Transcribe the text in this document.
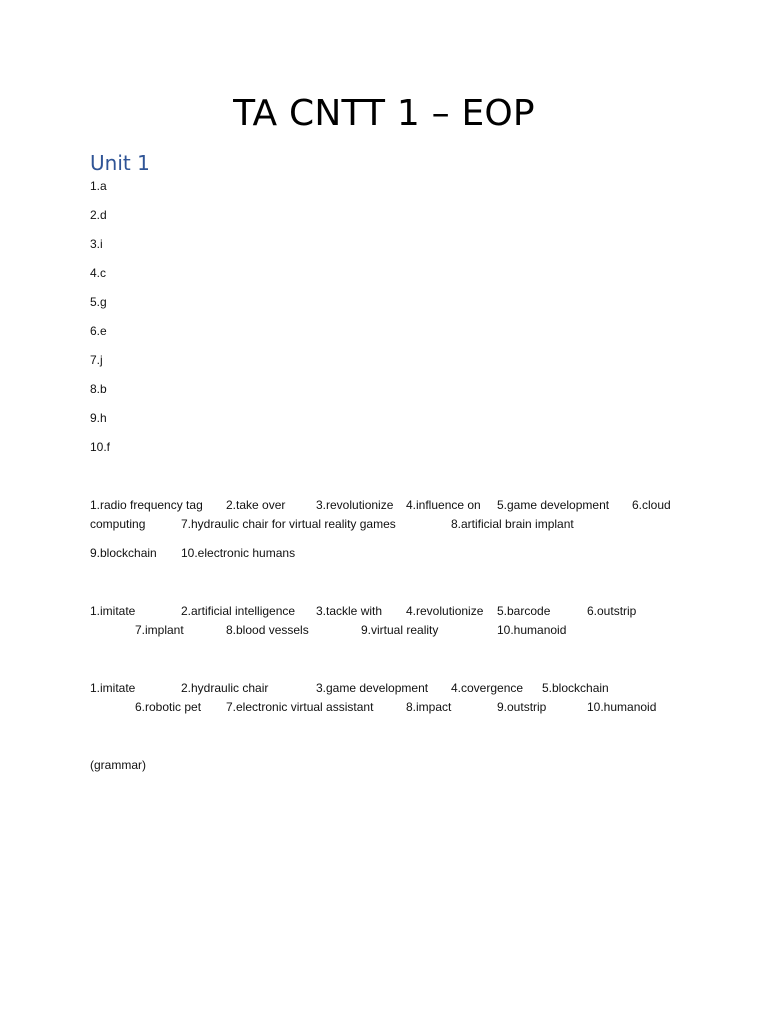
TA CNTT 1 – EOP
Unit 1
1.a
2.d
3.i
4.c
5.g
6.e
7.j
8.b
9.h
10.f
1.radio frequency tag 2.take over	3.revolutionize 4.influence on 5.game development 6.cloud
computing	7.hydraulic chair for virtual reality games	8.artificial brain implant
9.blockchain 10.electronic humans
1.imitate	2.artificial intelligence 3.tackle with 4.revolutionize 5.barcode	6.outstrip
7.implant	8.blood vessels	9.virtual reality	10.humanoid
1.imitate	2.hydraulic chair	3.game development 4.covergence 5.blockchain
6.robotic pet 7.electronic virtual assistant	8.impact	9.outstrip	10.humanoid
(grammar)
